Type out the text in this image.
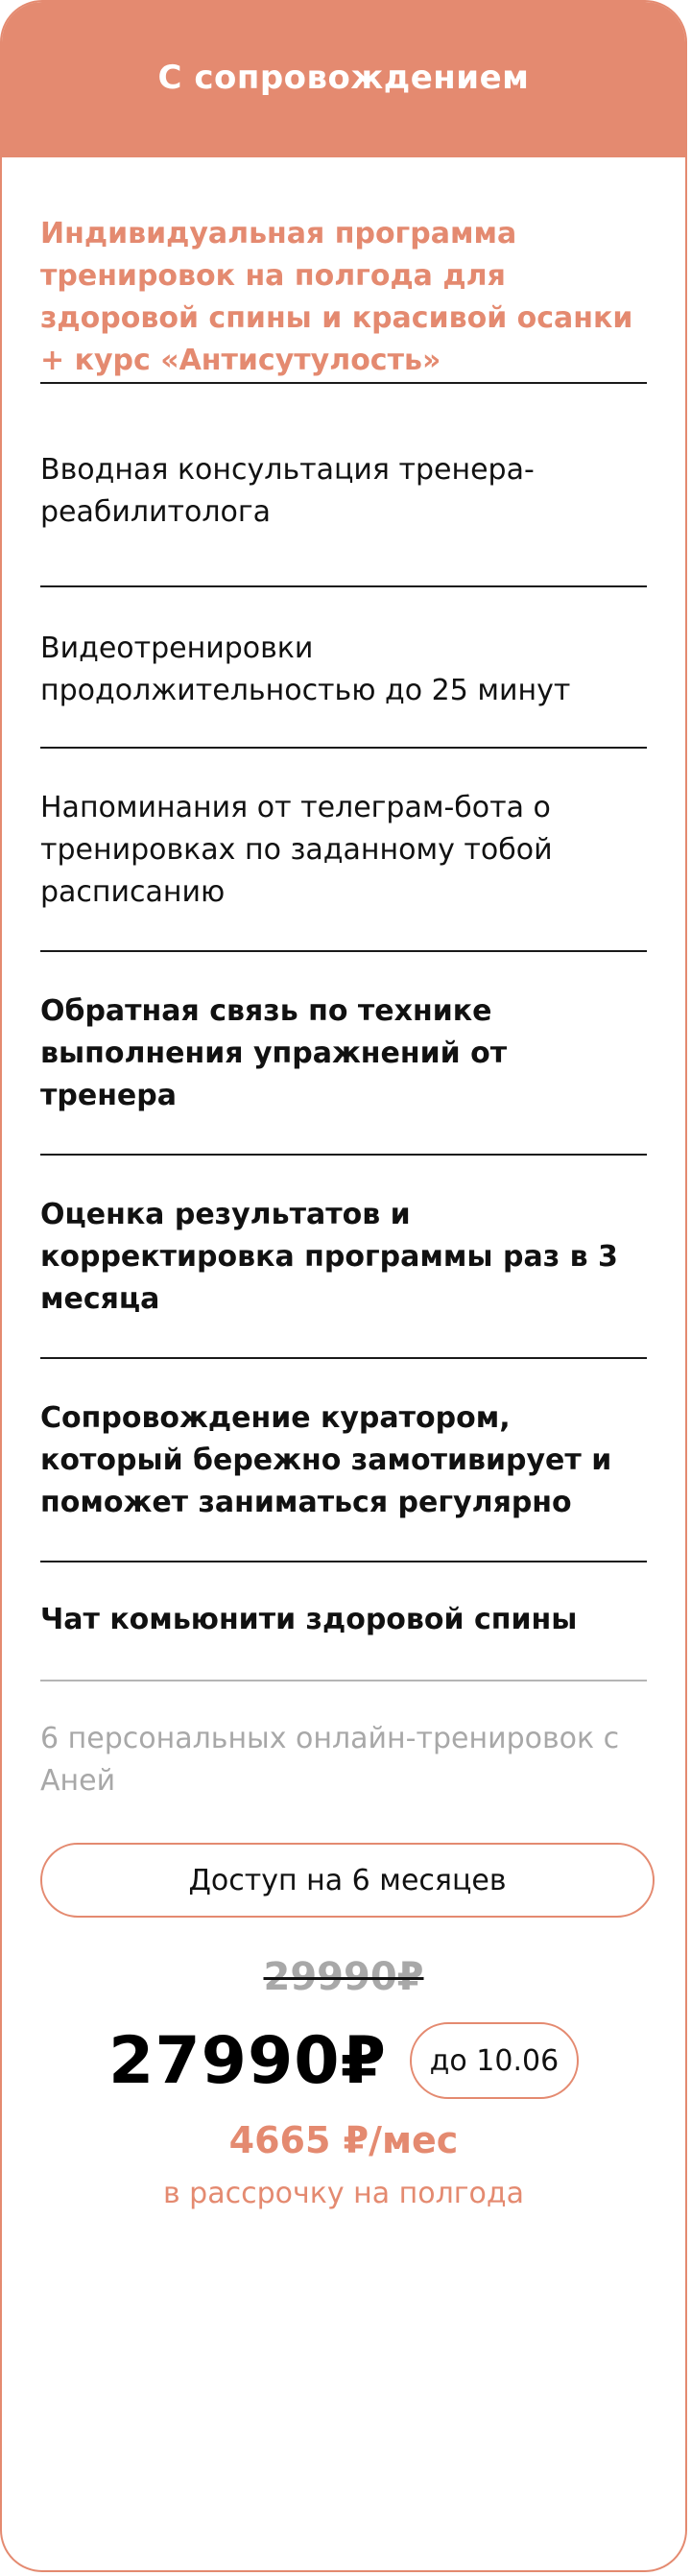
С сопровождением

Индивидуальная программа тренировок на полгода для здоровой спины и красивой осанки + курс «Антисутулость»

Вводная консультация тренера-реабилитолога
Видеотренировки продолжительностью до 25 минут
Напоминания от телеграм-бота о тренировках по заданному тобой расписанию
Обратная связь по технике выполнения упражнений от тренера
Оценка результатов и корректировка программы раз в 3 месяца
Сопровождение куратором, который бережно замотивирует и поможет заниматься регулярно
Чат комьюнити здоровой спины
6 персональных онлайн-тренировок с Аней
Доступ на 6 месяцев

29990₽

27990₽	до 10.06

4665 ₽/мес

в рассрочку на полгода
